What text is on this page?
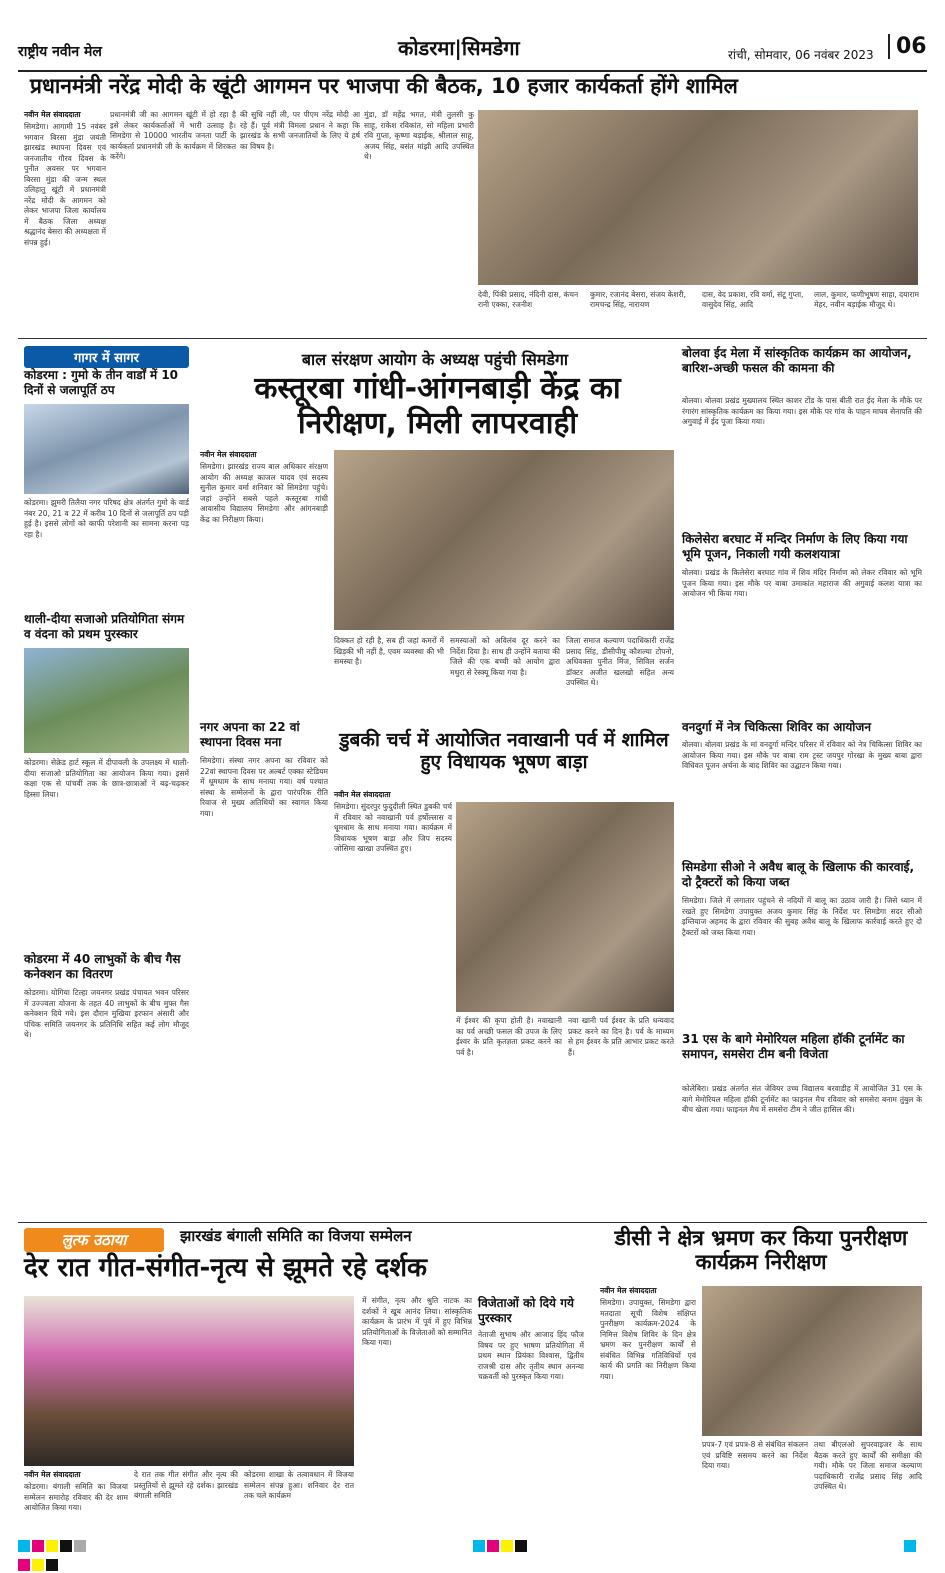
राष्ट्रीय नवीन मेल	कोडरमा|सिमडेगा	रांची, सोमवार, 06 नवंबर 2023	06
प्रधानमंत्री नरेंद्र मोदी के खूंटी आगमन पर भाजपा की बैठक, 10 हजार कार्यकर्ता होंगे शामिल
नवीन मेल संवाददाता
सिमडेगा। आगामी 15 नवंबर भगवान बिरसा मुंडा जयंती झारखंड स्थापना दिवस एवं जनजातीय गौरव दिवस के पुनीत अवसर पर भगवान बिरसा मुंडा की जन्म स्थल उलिहातु खूंटी में प्रधानमंत्री नरेंद्र मोदी के आगमन को लेकर भाजपा जिला कार्यालय में बैठक जिला अध्यक्ष श्रद्धानंद बेसरा की अध्यक्षता में संपन्न हुई।
प्रधानमंत्री जी का आगमन खूंटी में हो रहा है इसे लेकर कार्यकर्ताओं में भारी उत्साह है। सिमडेगा से 10000 भारतीय जनता पार्टी के कार्यकर्ता प्रधानमंत्री जी के कार्यक्रम में शिरकत करेंगे।
की सुधि नहीं ली, पर पीएम नरेंद्र मोदी आ रहे हैं। पूर्व मंत्री विमला प्रधान ने कहा कि झारखंड के सभी जनजातियों के लिए ये हर्ष का विषय है।
मुंडा, डॉ महेंद्र भगत, मंत्री तुलसी कु साहू, राकेश रविकांत, सो महिला प्रभारी रवि गुप्ता, कृष्णा बड़ाईक, श्रीलाल साहू, अजय सिंह, बसंत मांझी आदि उपस्थित थे।
देवी, पिंकी प्रसाद, नंदिनी दास, कंचन रानी एक्का, रजनीश
कुमार, रजानंद बेसरा, संजय केशरी, रामचन्द्र सिंह, नारायण
दास, वेद प्रकाश, रवि वर्मा, संटू गुप्ता, वासुदेव सिंह, आदि
लाल, कुमार, फणीभूषण साहा, दयाराम मेहर, नवीन बड़ाईक मौजूद थे।
गागर में सागर
कोडरमा : गुमो के तीन वार्डों में 10 दिनों से जलापूर्ति ठप
कोडरमा। झुमरी तिलैया नगर परिषद क्षेत्र अंतर्गत गुमो के वार्ड नंबर 20, 21 व 22 में करीब 10 दिनों से जलापूर्ति ठप पड़ी हुई है। इससे लोगों को काफी परेशानी का सामना करना पड़ रहा है।
थाली-दीया सजाओ प्रतियोगिता संगम व वंदना को प्रथम पुरस्कार
कोडरमा। सेक्रेड हार्ट स्कूल में दीपावली के उपलक्ष्य में थाली-दीया सजाओ प्रतियोगिता का आयोजन किया गया। इसमें कक्षा एक से पांचवीं तक के छात्र-छात्राओं ने बढ़-चढ़कर हिस्सा लिया।
कोडरमा में 40 लाभुकों के बीच गैस कनेक्शन का वितरण
कोडरमा। योगिया टिल्हा जयनगर प्रखंड पंचायत भवन परिसर में उज्ज्वला योजना के तहत 40 लाभुकों के बीच मुफ्त गैस कनेक्शन दिये गये। इस दौरान मुखिया इरफान अंसारी और पंचिक समिति जयनगर के प्रतिनिधि सहित कई लोग मौजूद थे।
बाल संरक्षण आयोग के अध्यक्ष पहुंची सिमडेगा
कस्तूरबा गांधी-आंगनबाड़ी केंद्र का निरीक्षण, मिली लापरवाही
नवीन मेल संवाददाता
सिमडेगा। झारखंड राज्य बाल अधिकार संरक्षण आयोग की अध्यक्ष काजल यादव एवं सदस्य सुनील कुमार वर्मा शनिवार को सिमडेगा पहुंचे। जहां उन्होंने सबसे पहले कस्तूरबा गांधी आवासीय विद्यालय सिमडेगा और आंगनबाड़ी केंद्र का निरीक्षण किया।
दिक्कत हो रही है, सब ही जहां कमरों में खिड़की भी नहीं है, एवम व्यवस्था की भी समस्या है।
समस्याओं को अविलंब दूर करने का निर्देश दिया है। साथ ही उन्होंने बताया की जिले की एक बच्ची को आयोग द्वारा मथुरा से रेस्क्यू किया गया है।
जिला समाज कल्याण पदाधिकारी राजेंद्र प्रसाद सिंह, डीसीपीयू कौशल्या टोपनो, अधिवक्ता पुनीत मिंज, सिविल सर्जन डॉक्टर अजीत खलखो सहित अन्य उपस्थित थे।
नगर अपना का 22 वां स्थापना दिवस मना
सिमडेगा। संस्था नगर अपना का रविवार को 22वां स्थापना दिवस पर अल्बर्ट एक्का स्टेडियम में धूमधाम के साथ मनाया गया। वर्ष पश्चात संस्था के सम्मेलनों के द्वारा पारंपरिक रीति रिवाज से मुख्य अतिथियों का स्वागत किया गया।
डुबकी चर्च में आयोजित नवाखानी पर्व में शामिल हुए विधायक भूषण बाड़ा
नवीन मेल संवाददाता
सिमडेगा। सुंदरपुर फुदुदीली स्थित डुबकी चर्च में रविवार को नवाखानी पर्व हर्षोल्लास व धूमधाम के साथ मनाया गया। कार्यक्रम में विधायक भूषण बाड़ा और जिप सदस्य जोसिमा खाखा उपस्थित हुए।
में ईश्वर की कृपा होती है। नवाखानी का पर्व अच्छी फसल की उपज के लिए ईश्वर के प्रति कृतज्ञता प्रकट करने का पर्व है।
नवा खानी पर्व ईश्वर के प्रति धन्यवाद प्रकट करने का दिन है। पर्व के माध्यम से हम ईश्वर के प्रति आभार प्रकट करते हैं।
बोलवा ईद मेला में सांस्कृतिक कार्यक्रम का आयोजन, बारिश-अच्छी फसल की कामना की
बोलवा। बोलवा प्रखंड मुख्यालय स्थित काशर टोंड के पास बीती रात ईद मेला के मौके पर रंगारंग सांस्कृतिक कार्यक्रम का किया गया। इस मौके पर गांव के पाहन माघव सेनापति की अगुवाई में ईद पूजा किया गया।
किलेसेरा बरघाट में मन्दिर निर्माण के लिए किया गया भूमि पूजन, निकाली गयी कलशयात्रा
बोलवा। प्रखंड के किलेसेरा बरघाट गांव में शिव मंदिर निर्माण को लेकर रविवार को भूमि पूजन किया गया। इस मौके पर बाबा उमाकांत महाराज की अगुवाई कलश यात्रा का आयोजन भी किया गया।
वनदुर्गा में नेत्र चिकित्सा शिविर का आयोजन
बोलवा। बोलवा प्रखंड के मां वनदुर्गा मन्दिर परिसर में रविवार को नेत्र चिकित्सा शिविर का आयोजन किया गया। इस मौके पर बाबा राम ट्रस्ट जयपुर गोरखा के मुख्य बाबा द्वारा विधिवत पूजन अर्चना के बाद शिविर का उद्घाटन किया गया।
सिमडेगा सीओ ने अवैध बालू के खिलाफ की कारवाई, दो ट्रैक्टरों को किया जब्त
सिमडेगा। जिले में लगातार पहुंचने से नदियों में बालू का उठाव जारी है। जिसे ध्यान में रखते हुए सिमडेगा उपायुक्त अजय कुमार सिंह के निर्देश पर सिमडेगा सदर सीओ इम्तियाज अहमद के द्वारा रविवार की सुबह अवैध बालू के खिलाफ कार्रवाई करते हुए दो ट्रैक्टरों को जब्त किया गया।
31 एस के बागे मेमोरियल महिला हॉकी टूर्नामेंट का समापन, समसेरा टीम बनी विजेता
कोलेबिरा। प्रखंड अंतर्गत संत जेवियर उच्च विद्यालय बरवाडीह में आयोजित 31 एस के बागे मेमोरियल महिला हॉकी टूर्नामेंट का फाइनल मैच रविवार को समसेरा बनाम तुंबुल के बीच खेला गया। फाइनल मैच में समसेरा टीम ने जीत हासिल की।
लुत्फ उठाया	झारखंड बंगाली समिति का विजया सम्मेलन
देर रात गीत-संगीत-नृत्य से झूमते रहे दर्शक
नवीन मेल संवाददाता
कोडरमा। बंगाली समिति का विजया सम्मेलन समारोह रविवार की देर शाम आयोजित किया गया।
दे रात तक गीत संगीत और नृत्य की प्रस्तुतियों से झूमते रहे दर्शक। झारखंड बंगाली समिति
कोडरमा शाखा के तत्वावधान में विजया सम्मेलन संपन्न हुआ। शनिवार देर रात तक चले कार्यक्रम
में संगीत, नृत्य और श्रुति नाटक का दर्शकों ने खूब आनंद लिया। सांस्कृतिक कार्यक्रम के प्रारंभ में पूर्व में हुए विभिन्न प्रतियोगिताओं के विजेताओं को सम्मानित किया गया।
विजेताओं को दिये गये पुरस्कार
नेताजी सुभाष और आजाद हिंद फौज विषय पर हुए भाषण प्रतियोगिता में प्रथम स्थान प्रियंका विश्वास, द्वितीय राजश्री दास और तृतीय स्थान अनन्या चक्रवर्ती को पुरस्कृत किया गया।
डीसी ने क्षेत्र भ्रमण कर किया पुनरीक्षण कार्यक्रम निरीक्षण
नवीन मेल संवाददाता
सिमडेगा। उपायुक्त, सिमडेगा द्वारा मतदाता सूची विशेष संक्षिप्त पुनरीक्षण कार्यक्रम-2024 के निमित्त विशेष शिविर के दिन क्षेत्र भ्रमण कर पुनरीक्षण कार्यों से संबंधित विभिन्न गतिविधियों एवं कार्य की प्रगति का निरीक्षण किया गया।
प्रपत्र-7 एवं प्रपत्र-8 से संबंधित संकलन एवं प्रविष्टि ससमय करने का निर्देश दिया गया।
तथा बीएलओ सुपरवाइजर के साथ बैठक करते हुए कार्यों की समीक्षा की गयी। मौके पर जिला समाज कल्याण पदाधिकारी राजेंद्र प्रसाद सिंह आदि उपस्थित थे।
